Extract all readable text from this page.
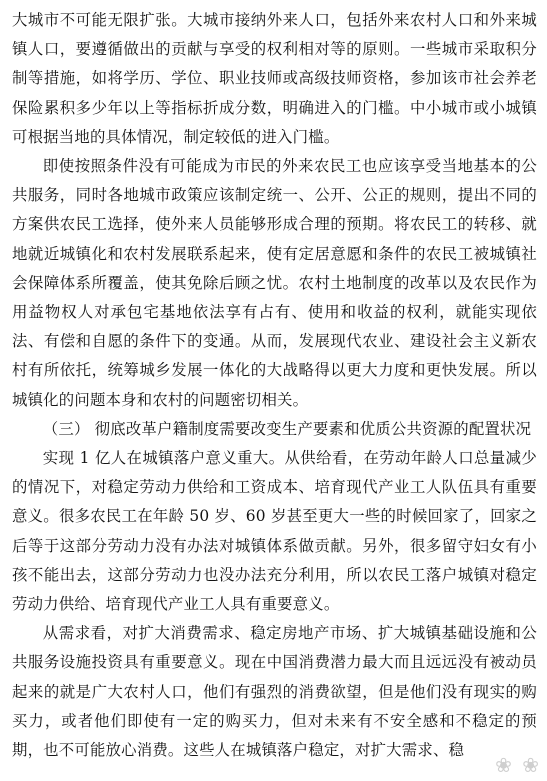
大城市不可能无限扩张。大城市接纳外来人口，包括外来农村人口和外来城镇人口，要遵循做出的贡献与享受的权利相对等的原则。一些城市采取积分制等措施，如将学历、学位、职业技师或高级技师资格，参加该市社会养老保险累积多少年以上等指标折成分数，明确进入的门槛。中小城市或小城镇可根据当地的具体情况，制定较低的进入门槛。

即使按照条件没有可能成为市民的外来农民工也应该享受当地基本的公共服务，同时各地城市政策应该制定统一、公开、公正的规则，提出不同的方案供农民工选择，使外来人员能够形成合理的预期。将农民工的转移、就地就近城镇化和农村发展联系起来，使有定居意愿和条件的农民工被城镇社会保障体系所覆盖，使其免除后顾之忧。农村土地制度的改革以及农民作为用益物权人对承包宅基地依法享有占有、使用和收益的权利，就能实现依法、有偿和自愿的条件下的变通。从而，发展现代农业、建设社会主义新农村有所依托，统筹城乡发展一体化的大战略得以更大力度和更快发展。所以城镇化的问题本身和农村的问题密切相关。

（三） 彻底改革户籍制度需要改变生产要素和优质公共资源的配置状况

实现 1 亿人在城镇落户意义重大。从供给看，在劳动年龄人口总量减少的情况下，对稳定劳动力供给和工资成本、培育现代产业工人队伍具有重要意义。很多农民工在年龄 50 岁、60 岁甚至更大一些的时候回家了，回家之后等于这部分劳动力没有办法对城镇体系做贡献。另外，很多留守妇女有小孩不能出去，这部分劳动力也没办法充分利用，所以农民工落户城镇对稳定劳动力供给、培育现代产业工人具有重要意义。

从需求看，对扩大消费需求、稳定房地产市场、扩大城镇基础设施和公共服务设施投资具有重要意义。现在中国消费潜力最大而且远远没有被动员起来的就是广大农村人口，他们有强烈的消费欲望，但是他们没有现实的购买力，或者他们即使有一定的购买力，但对未来有不安全感和不稳定的预期，也不可能放心消费。这些人在城镇落户稳定，对扩大需求、稳

❀ ❀
